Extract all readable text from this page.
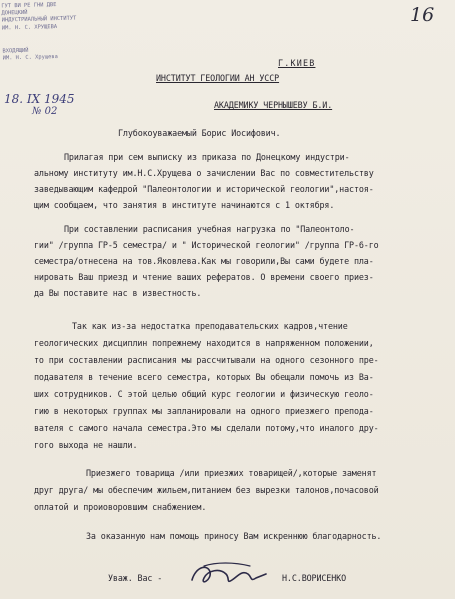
ГУТ ВИ РЕ ГНИ ДВЕ
ДОНЕЦКИЙ
ИНДУСТРИАЛЬНЫЙ ИНСТИТУТ
ИМ. Н. С. ХРУЩЕВА
ВХОДЯЩИЙ
ИМ. Н. С. Хрущева
18. IX 1945
№ 02
16
Г.КИЕВ
ИНСТИТУТ ГЕОЛОГИИ АН УССР
АКАДЕМИКУ ЧЕРНЫШЕВУ Б.И.
Глубокоуважаемый Борис Иосифович.
Прилагая при сем выписку из приказа по Донецкому индустри-
альному институту им.Н.С.Хрущева о зачислении Вас по совместительству
заведывающим кафедрой "Палеонтологии и исторической геологии",настоя-
щим сообщаем, что занятия в институте начинаются с 1 октября.
При составлении расписания учебная нагрузка по "Палеонтоло-
гии" /группа ГР-5 семестра/ и " Исторической геологии" /группа ГР-6-го
семестра/отнесена на тов.Яковлева.Как мы говорили,Вы сами будете пла-
нировать Ваш приезд и чтение ваших рефератов. О времени своего приез-
да Вы поставите нас в известность.
Так как из-за недостатка преподавательских кадров,чтение
геологических дисциплин попрежнему находится в напряженном положении,
то при составлении расписания мы рассчитывали на одного сезонного пре-
подавателя в течение всего семестра, которых Вы обещали помочь из Ва-
ших сотрудников. С этой целью общий курс геологии и физическую геоло-
гию в некоторых группах мы запланировали на одного приезжего препода-
вателя с самого начала семестра.Это мы сделали потому,что иналого дру-
гого выхода не нашли.
Приезжего товарища /или приезжих товарищей/,которые заменят
друг друга/ мы обеспечим жильем,питанием без вырезки талонов,почасовой
оплатой и проиоворовшим снабжением.
За оказанную нам помощь приносу Вам искреннюю благодарность.
Уваж. Вас -	Н.С.ВОРИСЕНКО
